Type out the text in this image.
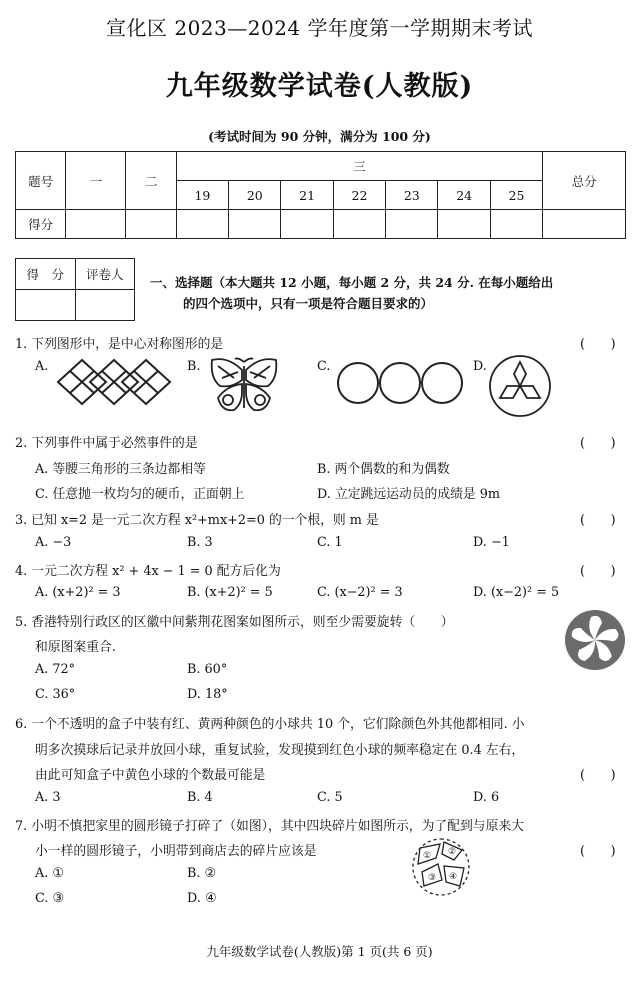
宣化区 2023—2024 学年度第一学期期末考试
九年级数学试卷(人教版)
(考试时间为 90 分钟，满分为 100 分)
题号	一	二	三							总分
			19	20	21	22	23	24	25	
得分										
得　分	评卷人

一、选择题（本大题共 12 小题，每小题 2 分，共 24 分. 在每小题给出
的四个选项中，只有一项是符合题目要求的）
1. 下列图形中，是中心对称图形的是	(　　)
A.	B.	C.	D.
2. 下列事件中属于必然事件的是	(　　)
A. 等腰三角形的三条边都相等	B. 两个偶数的和为偶数
C. 任意抛一枚均匀的硬币，正面朝上	D. 立定跳远运动员的成绩是 9m
3. 已知 x=2 是一元二次方程 x²+mx+2=0 的一个根，则 m 是	(　　)
A. −3	B. 3	C. 1	D. −1
4. 一元二次方程 x² + 4x − 1 = 0 配方后化为	(　　)
A. (x+2)² = 3	B. (x+2)² = 5	C. (x−2)² = 3	D. (x−2)² = 5
5. 香港特别行政区的区徽中间紫荆花图案如图所示，则至少需要旋转（　　）
和原图案重合.
A. 72°	B. 60°
C. 36°	D. 18°
6. 一个不透明的盒子中装有红、黄两种颜色的小球共 10 个，它们除颜色外其他都相同. 小
明多次摸球后记录并放回小球，重复试验，发现摸到红色小球的频率稳定在 0.4 左右，
由此可知盒子中黄色小球的个数最可能是	(　　)
A. 3	B. 4	C. 5	D. 6
7. 小明不慎把家里的圆形镜子打碎了（如图），其中四块碎片如图所示，为了配到与原来大
小一样的圆形镜子，小明带到商店去的碎片应该是	(　　)
A. ①	B. ②
C. ③	D. ④
① ②
③ ④
九年级数学试卷(人教版)第 1 页(共 6 页)
